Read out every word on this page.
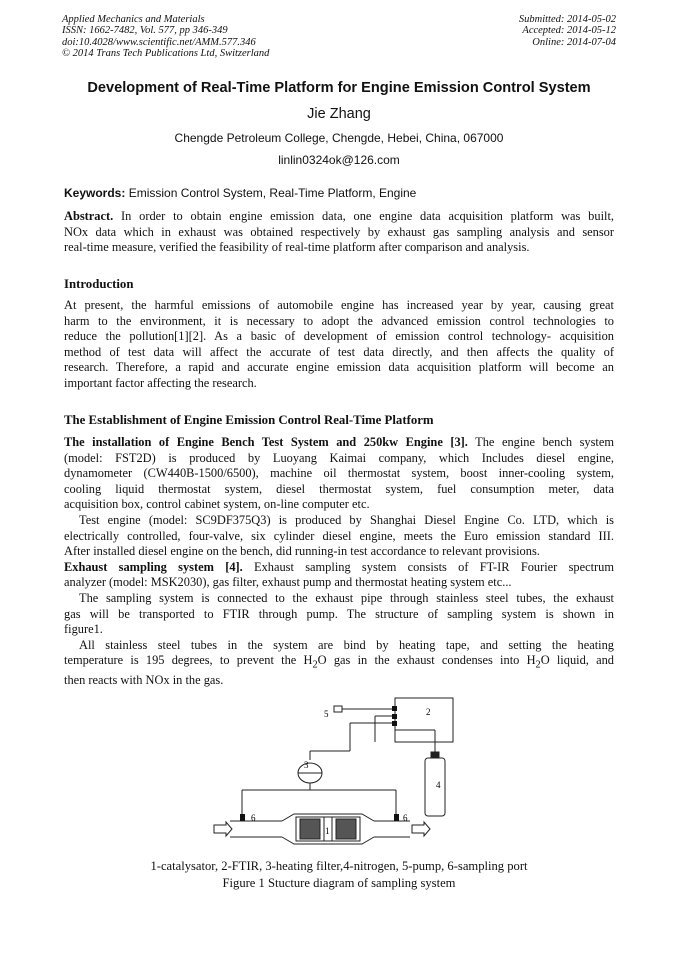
Applied Mechanics and Materials
ISSN: 1662-7482, Vol. 577, pp 346-349
doi:10.4028/www.scientific.net/AMM.577.346
© 2014 Trans Tech Publications Ltd, Switzerland
Submitted: 2014-05-02
Accepted: 2014-05-12
Online: 2014-07-04
Development of Real-Time Platform for Engine Emission Control System
Jie Zhang
Chengde Petroleum College, Chengde, Hebei, China, 067000
linlin0324ok@126.com
Keywords: Emission Control System, Real-Time Platform, Engine
Abstract. In order to obtain engine emission data, one engine data acquisition platform was built,
NOx data which in exhaust was obtained respectively by exhaust gas sampling analysis and sensor
real-time measure, verified the feasibility of real-time platform after comparison and analysis.
Introduction
At present, the harmful emissions of automobile engine has increased year by year, causing great
harm to the environment, it is necessary to adopt the advanced emission control technologies to
reduce the pollution[1][2]. As a basic of development of emission control technology- acquisition
method of test data will affect the accurate of test data directly, and then affects the quality of
research. Therefore, a rapid and accurate engine emission data acquisition platform will become an
important factor affecting the research.
The Establishment of Engine Emission Control Real-Time Platform
The installation of Engine Bench Test System and 250kw Engine [3]. The engine bench system
(model: FST2D) is produced by Luoyang Kaimai company, which Includes diesel engine,
dynamometer (CW440B-1500/6500), machine oil thermostat system, boost inner-cooling system,
cooling liquid thermostat system, diesel thermostat system, fuel consumption meter, data
acquisition box, control cabinet system, on-line computer etc.
Test engine (model: SC9DF375Q3) is produced by Shanghai Diesel Engine Co. LTD, which is
electrically controlled, four-valve, six cylinder diesel engine, meets the Euro emission standard III.
After installed diesel engine on the bench, did running-in test accordance to relevant provisions.
Exhaust sampling system [4]. Exhaust sampling system consists of FT-IR Fourier spectrum
analyzer (model: MSK2030), gas filter, exhaust pump and thermostat heating system etc...
The sampling system is connected to the exhaust pipe through stainless steel tubes, the exhaust
gas will be transported to FTIR through pump. The structure of sampling system is shown in
figure1.
All stainless steel tubes in the system are bind by heating tape, and setting the heating
temperature is 195 degrees, to prevent the $H_2O$ gas in the exhaust condenses into $H_2O$ liquid, and
then reacts with NOx in the gas.
5	2
3
4
1
6	6
1-catalysator, 2-FTIR, 3-heating filter,4-nitrogen, 5-pump, 6-sampling port
Figure 1 Stucture diagram of sampling system
